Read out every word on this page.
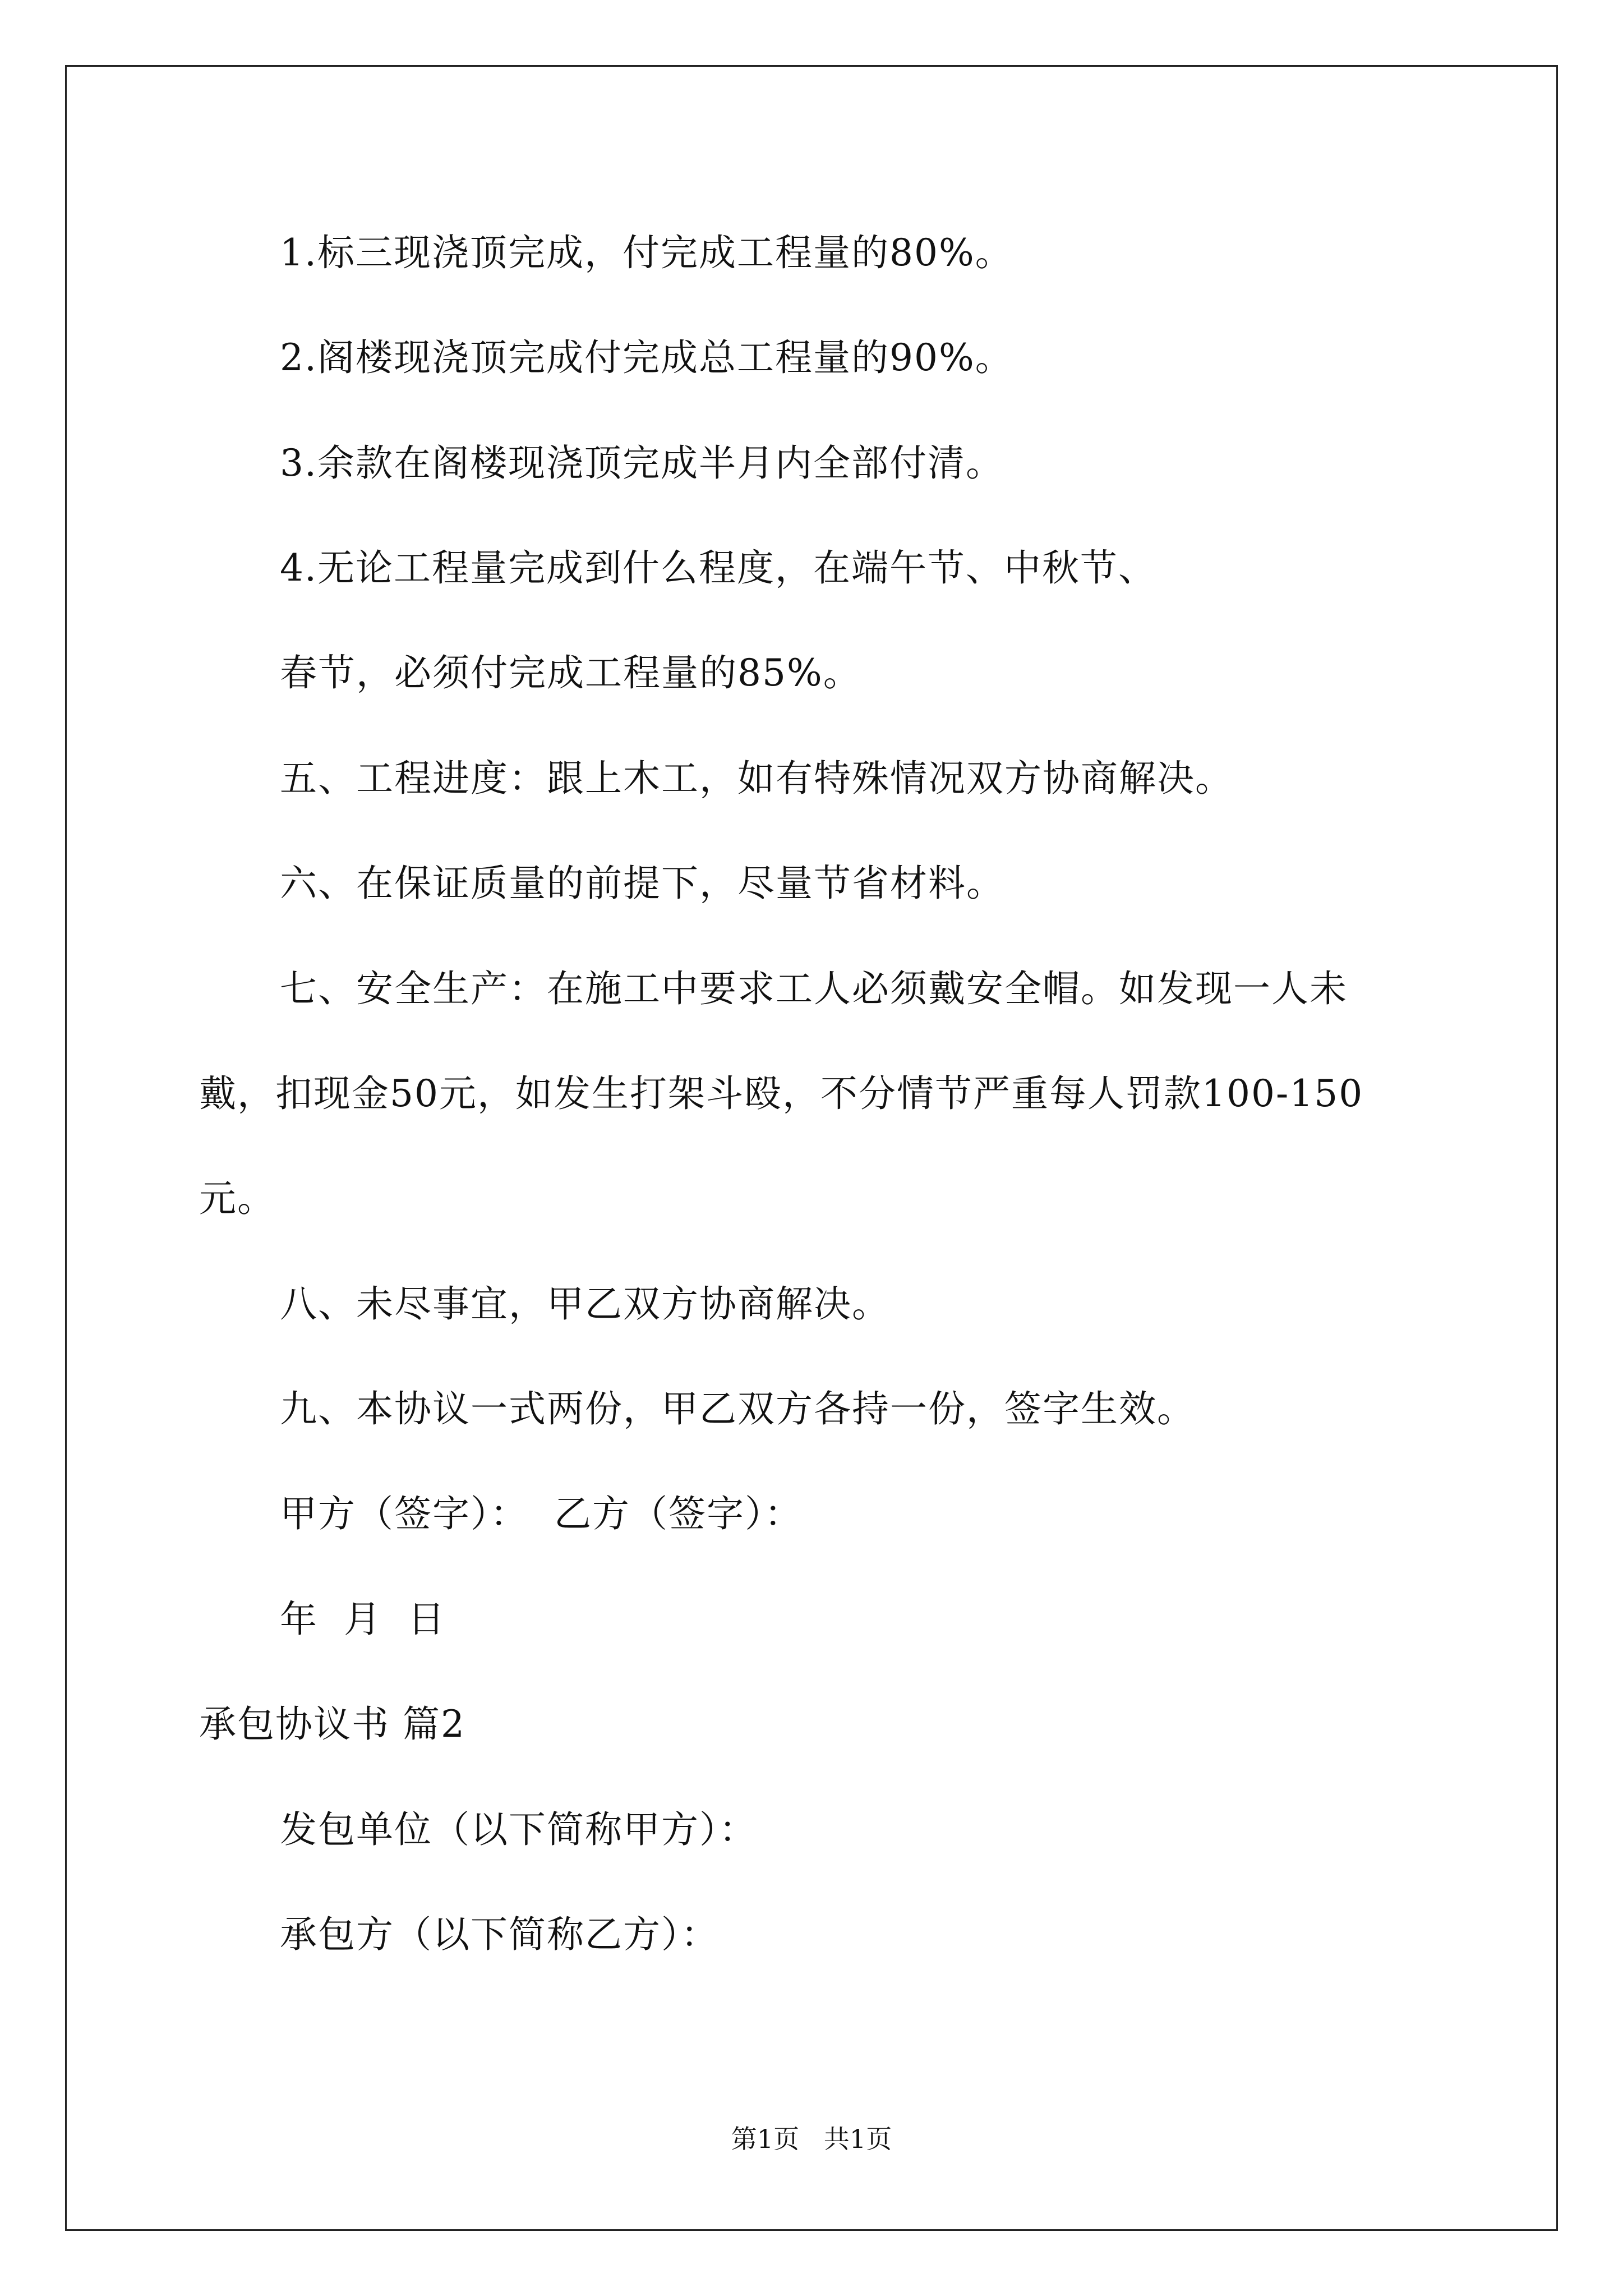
1.标三现浇顶完成，付完成工程量的80%。
2.阁楼现浇顶完成付完成总工程量的90%。
3.余款在阁楼现浇顶完成半月内全部付清。
4.无论工程量完成到什么程度，在端午节、中秋节、
春节，必须付完成工程量的85%。
五、工程进度：跟上木工，如有特殊情况双方协商解决。
六、在保证质量的前提下，尽量节省材料。
七、安全生产：在施工中要求工人必须戴安全帽。如发现一人未
戴，扣现金50元，如发生打架斗殴，不分情节严重每人罚款100-150
元。
八、未尽事宜，甲乙双方协商解决。
九、本协议一式两份，甲乙双方各持一份，签字生效。
甲方（签字）：  乙方（签字）：
年  月  日
承包协议书 篇2
发包单位（以下简称甲方）：
承包方（以下简称乙方）：
第1页   共1页
